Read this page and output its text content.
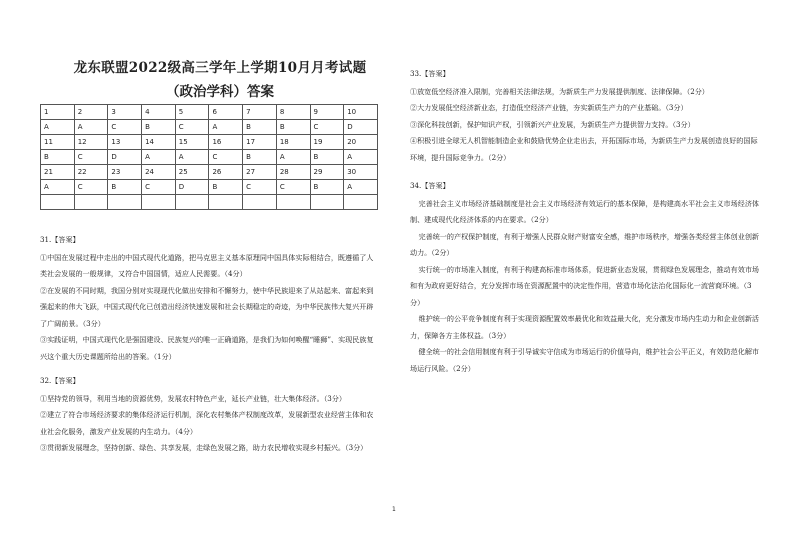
龙东联盟2022级高三学年上学期10月月考试题
（政治学科）答案
1	2	3	4	5	6	7	8	9	10
A	A	C	B	C	A	B	B	C	D
11	12	13	14	15	16	17	18	19	20
B	C	D	A	A	C	B	A	B	A
21	22	23	24	25	26	27	28	29	30
A	C	B	C	D	B	C	C	B	A

31.【答案】

①中国在发展过程中走出的中国式现代化道路，把马克思主义基本原理同中国具体实际相结合，既遵循了人类社会发展的一般规律，又符合中国国情，适应人民需要。（4分）

②在发展的不同时期，我国分别对实现现代化做出安排和不懈努力，使中华民族迎来了从站起来、富起来到强起来的伟大飞跃，中国式现代化已创造出经济快速发展和社会长期稳定的奇迹，为中华民族伟大复兴开辟了广阔前景。（3分）

③实践证明，中国式现代化是强国建设、民族复兴的唯一正确道路，是我们为如何唤醒“睡狮”、实现民族复兴这个重大历史课题所给出的答案。（1分）

32.【答案】

①坚持党的领导，利用当地的资源优势，发展农村特色产业，延长产业链，壮大集体经济。（3分）

②建立了符合市场经济要求的集体经济运行机制，深化农村集体产权制度改革，发展新型农业经营主体和农业社会化服务，激发产业发展的内生动力。（4分）

③贯彻新发展理念，坚持创新、绿色、共享发展，走绿色发展之路，助力农民增收实现乡村振兴。（3分）

33.【答案】

①放宽低空经济准入限制，完善相关法律法规，为新质生产力发展提供制度、法律保障。（2分）

②大力发展低空经济新业态，打造低空经济产业链，夯实新质生产力的产业基础。（3分）

③深化科技创新，保护知识产权，引领新兴产业发展，为新质生产力提供智力支持。（3分）

④积极引进全球无人机智能制造企业和鼓励优势企业走出去，开拓国际市场，为新质生产力发展创造良好的国际环境，提升国际竞争力。（2分）

34.【答案】

完善社会主义市场经济基础制度是社会主义市场经济有效运行的基本保障，是构建高水平社会主义市场经济体制、建成现代化经济体系的内在要求。（2分）

完善统一的产权保护制度，有利于增强人民群众财产财富安全感，维护市场秩序，增强各类经营主体创业创新动力。（2分）

实行统一的市场准入制度，有利于构建高标准市场体系，促进新业态发展，贯彻绿色发展理念，推动有效市场和有为政府更好结合，充分发挥市场在资源配置中的决定性作用，营造市场化法治化国际化一流营商环境。（3分）

维护统一的公平竞争制度有利于实现资源配置效率最优化和效益最大化，充分激发市场内生动力和企业创新活力，保障各方主体权益。（3分）

健全统一的社会信用制度有利于引导诚实守信成为市场运行的价值导向，维护社会公平正义，有效防范化解市场运行风险。（2分）

1
